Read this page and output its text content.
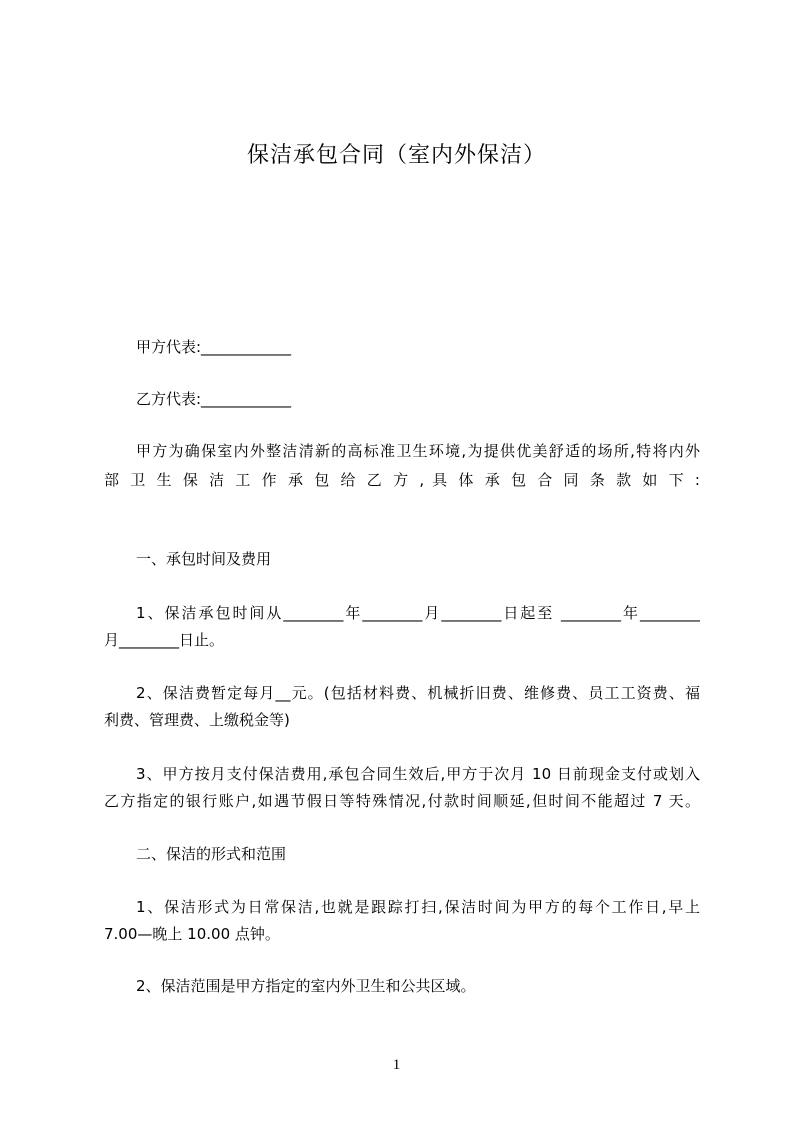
保洁承包合同（室内外保洁）
甲方代表:____________
乙方代表:____________
甲方为确保室内外整洁清新的高标准卫生环境,为提供优美舒适的场所,特将内外
部 卫 生 保 洁 工 作 承 包 给 乙 方 , 具 体 承 包 合 同 条 款 如 下 :
一、承包时间及费用
1、保洁承包时间从________年________月________日起至 ________年________
月________日止。
2、保洁费暂定每月__元。(包括材料费、机械折旧费、维修费、员工工资费、福
利费、管理费、上缴税金等)
3、甲方按月支付保洁费用,承包合同生效后,甲方于次月 10 日前现金支付或划入
乙方指定的银行账户,如遇节假日等特殊情况,付款时间顺延,但时间不能超过 7 天。
二、保洁的形式和范围
1、保洁形式为日常保洁,也就是跟踪打扫,保洁时间为甲方的每个工作日,早上
7.00—晚上 10.00 点钟。
2、保洁范围是甲方指定的室内外卫生和公共区域。
1
